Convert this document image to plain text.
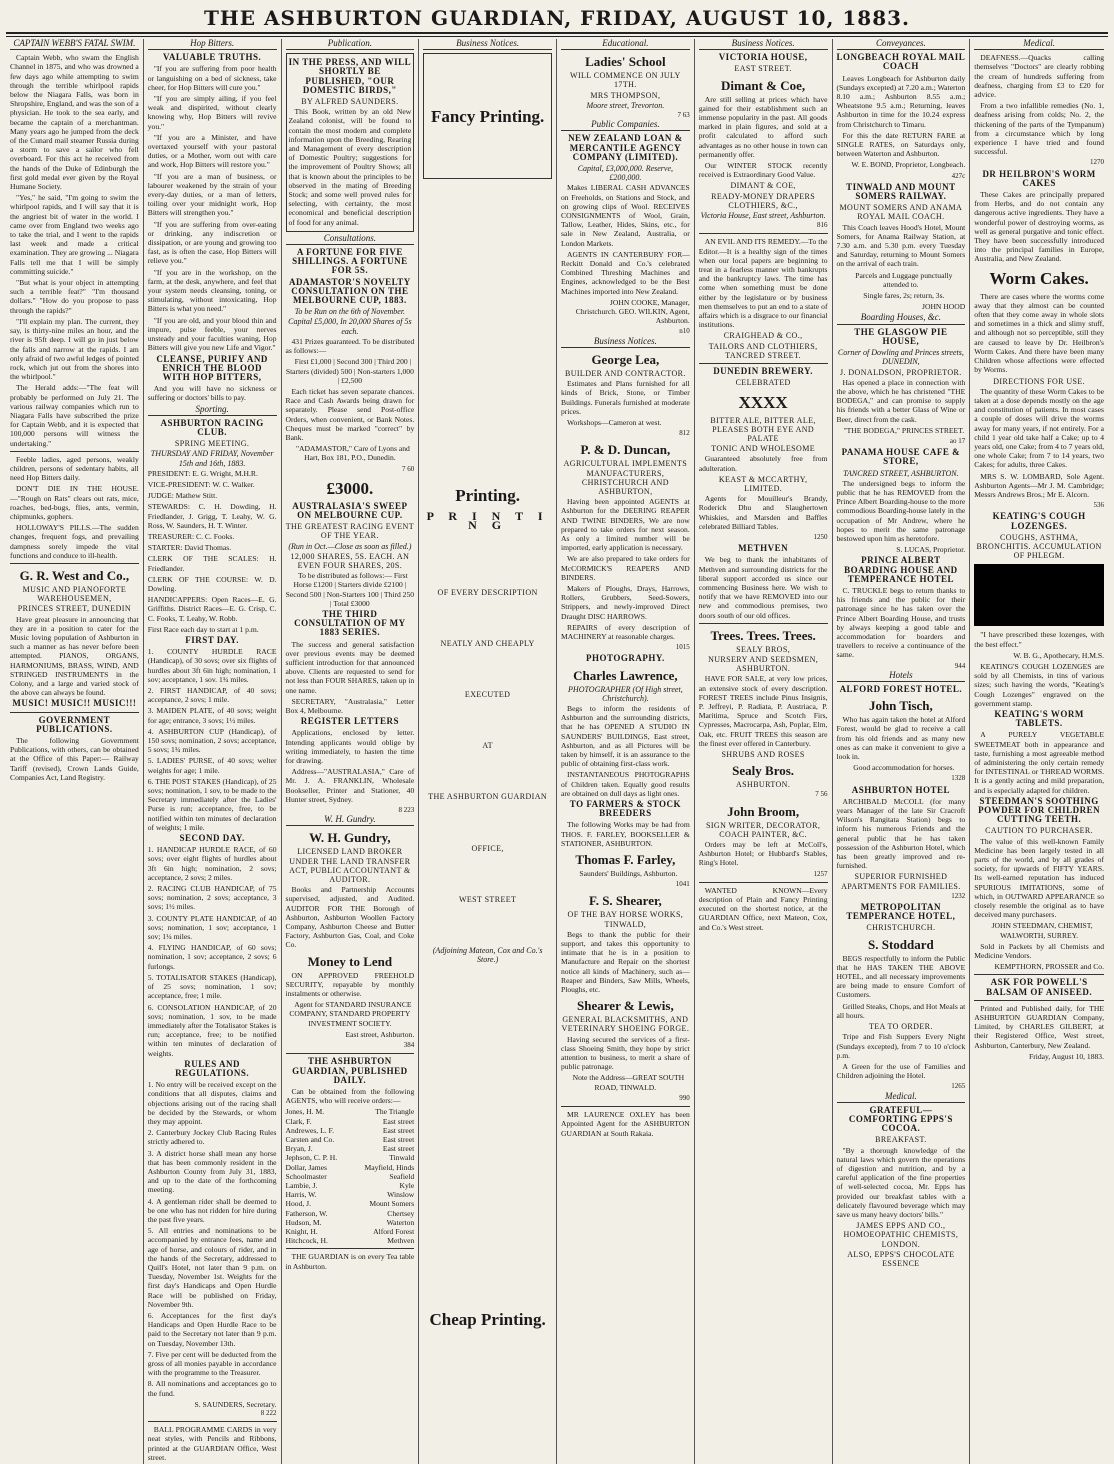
THE ASHBURTON GUARDIAN, FRIDAY, AUGUST 10, 1883.
CAPTAIN WEBB'S FATAL SWIM.

Captain Webb, who swam the English Channel in 1875, and who was drowned a few days ago while attempting to swim through the terrible whirlpool rapids below the Niagara Falls, was born in Shropshire, England, and was the son of a physician. He took to the sea early, and became the captain of a merchantman. Many years ago he jumped from the deck of the Cunard mail steamer Russia during a storm to save a sailor who fell overboard. For this act he received from the hands of the Duke of Edinburgh the first gold medal ever given by the Royal Humane Society.

"Yes," he said, "I'm going to swim the whirlpool rapids, and I will say that it is the angriest bit of water in the world. I came over from England two weeks ago to take the trial, and I went to the rapids last week and made a critical examination. They are growing ... Niagara Falls tell me that I will be simply committing suicide."

"But what is your object in attempting such a terrible feat?" "I'm thousand dollars." "How do you propose to pass through the rapids?"

"I'll explain my plan. The current, they say, is thirty-nine miles an hour, and the river is 95ft deep. I will go in just below the falls and narrow at the rapids. I am only afraid of two awful ledges of pointed rock, which jut out from the shores into the whirlpool."

The Herald adds:—"The feat will probably be performed on July 21. The various railway companies which run to Niagara Falls have subscribed the prize for Captain Webb, and it is expected that 100,000 persons will witness the undertaking."

Feeble ladies, aged persons, weakly children, persons of sedentary habits, all need Hop Bitters daily.

DON'T DIE IN THE HOUSE.—"Rough on Rats" clears out rats, mice, roaches, bed-bugs, flies, ants, vermin, chipmunks, gophers.

HOLLOWAY'S PILLS.—The sudden changes, frequent fogs, and prevailing dampness sorely impede the vital functions and conduce to ill-health.

G. R. West and Co.,
MUSIC AND PIANOFORTE WAREHOUSEMEN,
PRINCES STREET, DUNEDIN

Have great pleasure in announcing that they are in a position to cater for the Music loving population of Ashburton in such a manner as has never before been attempted. PIANOS, ORGANS, HARMONIUMS, BRASS, WIND, AND STRINGED INSTRUMENTS in the Colony, and a large and varied stock of the above can always be found.

MUSIC! MUSIC!! MUSIC!!!
GOVERNMENT PUBLICATIONS.

The following Government Publications, with others, can be obtained at the Office of this Paper:— Railway Tariff (revised), Crown Lands Guide, Companies Act, Land Registry.

Hop Bitters.
VALUABLE TRUTHS.

"If you are suffering from poor health or languishing on a bed of sickness, take cheer, for Hop Bitters will cure you."

"If you are simply ailing, if you feel weak and dispirited, without clearly knowing why, Hop Bitters will revive you."

"If you are a Minister, and have overtaxed yourself with your pastoral duties, or a Mother, worn out with care and work, Hop Bitters will restore you."

"If you are a man of business, or labourer weakened by the strain of your every-day duties, or a man of letters, toiling over your midnight work, Hop Bitters will strengthen you."

"If you are suffering from over-eating or drinking, any indiscretion or dissipation, or are young and growing too fast, as is often the case, Hop Bitters will relieve you."

"If you are in the workshop, on the farm, at the desk, anywhere, and feel that your system needs cleansing, toning, or stimulating, without intoxicating, Hop Bitters is what you need."

"If you are old, and your blood thin and impure, pulse feeble, your nerves unsteady and your faculties waning, Hop Bitters will give you new Life and Vigor."

CLEANSE, PURIFY AND ENRICH THE BLOOD WITH HOP BITTERS,

And you will have no sickness or suffering or doctors' bills to pay.

Sporting.
ASHBURTON RACING CLUB.
SPRING MEETING.
THURSDAY AND FRIDAY, November 15th and 16th, 1883.

PRESIDENT: E. G. Wright, M.H.R.

VICE-PRESIDENT: W. C. Walker.

JUDGE: Mathew Stitt.

STEWARDS: C. H. Dowding, H. Friedlander, J. Grigg, T. Leahy, W. G. Ross, W. Saunders, H. T. Winter.

TREASURER: C. C. Fooks.

STARTER: David Thomas.

CLERK OF THE SCALES: H. Friedlander.

CLERK OF THE COURSE: W. D. Dowling.

HANDICAPPERS: Open Races—E. G. Griffiths. District Races—E. G. Crisp, C. C. Fooks, T. Leahy, W. Robb.

First Race each day to start at 1 p.m.

FIRST DAY.

1. COUNTY HURDLE RACE (Handicap), of 30 sovs; over six flights of hurdles about 3ft 6in high; nomination, 1 sov; acceptance, 1 sov. 1¾ miles.

2. FIRST HANDICAP, of 40 sovs; acceptance, 2 sovs; 1 mile.

3. MAIDEN PLATE, of 40 sovs; weight for age; entrance, 3 sovs; 1½ miles.

4. ASHBURTON CUP (Handicap), of 150 sovs; nomination, 2 sovs; acceptance, 5 sovs; 1¾ miles.

5. LADIES' PURSE, of 40 sovs; welter weights for age; 1 mile.

6. THE POST STAKES (Handicap), of 25 sovs; nomination, 1 sov, to be made to the Secretary immediately after the Ladies' Purse is run; acceptance, free, to be notified within ten minutes of declaration of weights; 1 mile.

SECOND DAY.

1. HANDICAP HURDLE RACE, of 60 sovs; over eight flights of hurdles about 3ft 6in high; nomination, 2 sovs; acceptance, 2 sovs; 2 miles.

2. RACING CLUB HANDICAP, of 75 sovs; nomination, 2 sovs; acceptance, 3 sovs; 1½ miles.

3. COUNTY PLATE HANDICAP, of 40 sovs; nomination, 1 sov; acceptance, 1 sov; 1¼ miles.

4. FLYING HANDICAP, of 60 sovs; nomination, 1 sov; acceptance, 2 sovs; 6 furlongs.

5. TOTALISATOR STAKES (Handicap), of 25 sovs; nomination, 1 sov; acceptance, free; 1 mile.

6. CONSOLATION HANDICAP, of 20 sovs; nomination, 1 sov, to be made immediately after the Totalisator Stakes is run; acceptance, free; to be notified within ten minutes of declaration of weights.

RULES AND REGULATIONS.

1. No entry will be received except on the conditions that all disputes, claims and objections arising out of the racing shall be decided by the Stewards, or whom they may appoint.

2. Canterbury Jockey Club Racing Rules strictly adhered to.

3. A district horse shall mean any horse that has been commonly resident in the Ashburton County from July 31, 1883, and up to the date of the forthcoming meeting.

4. A gentleman rider shall be deemed to be one who has not ridden for hire during the past five years.

5. All entries and nominations to be accompanied by entrance fees, name and age of horse, and colours of rider, and in the hands of the Secretary, addressed to Quill's Hotel, not later than 9 p.m. on Tuesday, November 1st. Weights for the first day's Handicaps and Open Hurdle Race will be published on Friday, November 9th.

6. Acceptances for the first day's Handicaps and Open Hurdle Race to be paid to the Secretary not later than 9 p.m. on Tuesday, November 13th.

7. Five per cent will be deducted from the gross of all monies payable in accordance with the programme to the Treasurer.

8. All nominations and acceptances go to the fund.

S. SAUNDERS, Secretary.
8 222

BALL PROGRAMME CARDS in very neat styles, with Pencils and Ribbons, printed at the GUARDIAN Office, West street.

Publication.
IN THE PRESS, AND WILL SHORTLY BE PUBLISHED, "OUR DOMESTIC BIRDS,"
BY ALFRED SAUNDERS.

This Book, written by an old New Zealand colonist, will be found to contain the most modern and complete information upon the Breeding, Rearing and Management of every description of Domestic Poultry; suggestions for the improvement of Poultry Shows; all that is known about the principles to be observed in the mating of Breeding Stock; and some well proved rules for selecting, with certainty, the most economical and beneficial description of food for any animal.

Consultations.
A FORTUNE FOR FIVE SHILLINGS. A FORTUNE FOR 5S.
ADAMASTOR'S NOVELTY CONSULTATION ON THE MELBOURNE CUP, 1883.
To be Run on the 6th of November.
Capital £5,000, In 20,000 Shares of 5s each.

431 Prizes guaranteed. To be distributed as follows:—

First £1,000 | Second 300 | Third 200 | Starters (divided) 500 | Non-starters 1,000 | £2,500

Each ticket has seven separate chances. Race and Cash Awards being drawn for separately. Please send Post-office Orders, when convenient, or Bank Notes. Cheques must be marked "correct" by Bank.

"ADAMASTOR," Care of Lyons and Hart, Box 181, P.O., Dunedin.

7 60
£3000.
AUSTRALASIA'S SWEEP ON MELBOURNE CUP.
THE GREATEST RACING EVENT OF THE YEAR.
(Run in Oct.—Close as soon as filled.)
12,000 SHARES, 5S. EACH. AN EVEN FOUR SHARES, 20S.

To be distributed as follows:— First Horse £1200 | Starters divide £2100 | Second 500 | Non-Starters 100 | Third 250 | Total £3000

THE THIRD CONSULTATION OF MY 1883 SERIES.

The success and general satisfaction over previous events may be deemed sufficient introduction for that announced above. Clients are requested to send for not less than FOUR SHARES, taken up in one name.

SECRETARY, "Australasia," Letter Box 4, Melbourne.

REGISTER LETTERS

Applications, enclosed by letter. Intending applicants would oblige by writing immediately, to hasten the time for drawing.

Address—"AUSTRALASIA," Care of Mr. J. A. FRANKLIN, Wholesale Bookseller, Printer and Stationer, 40 Hunter street, Sydney.

8 223
W. H. Gundry.
W. H. Gundry,
LICENSED LAND BROKER UNDER THE LAND TRANSFER ACT, PUBLIC ACCOUNTANT & AUDITOR.

Books and Partnership Accounts supervised, adjusted, and Audited. AUDITOR FOR THE Borough of Ashburton, Ashburton Woollen Factory Company, Ashburton Cheese and Butter Factory, Ashburton Gas, Coal, and Coke Co.

Money to Lend

ON APPROVED FREEHOLD SECURITY, repayable by monthly instalments or otherwise.

Agent for STANDARD INSURANCE COMPANY, STANDARD PROPERTY INVESTMENT SOCIETY.

East street, Ashburton.

384
THE ASHBURTON GUARDIAN, PUBLISHED DAILY.

Can be obtained from the following AGENTS, who will receive orders:—

Jones, H. M.	The Triangle
Clark, F.	East street
Andrewes, L. F.	East street
Carsten and Co.	East street
Bryan, J.	East street
Jephson, C. P. H.	Tinwald
Dollar, James	Mayfield, Hinds
Schoolmaster	Seafield
Lambie, J.	Kyle
Harris, W.	Winslow
Hood, J.	Mount Somers
Fatherson, W.	Chertsey
Hudson, M.	Waterton
Knight, H.	Alford Forest
Hitchcock, H.	Methven

THE GUARDIAN is on every Tea table in Ashburton.

Business Notices.
Fancy Printing.
Printing.
P R I N T I N G
OF EVERY DESCRIPTION
NEATLY AND CHEAPLY
EXECUTED
AT
THE ASHBURTON GUARDIAN
OFFICE,
WEST STREET
(Adjoining Mateon, Cox and Co.'s Store.)
Cheap Printing.
Educational.
Ladies' School
WILL COMMENCE ON JULY 17TH.
MRS THOMPSON,
Moore street, Trevorton.
7 63
Public Companies.
NEW ZEALAND LOAN & MERCANTILE AGENCY COMPANY (LIMITED).
Capital, £3,000,000. Reserve, £200,000.

Makes LIBERAL CASH ADVANCES on Freeholds, on Stations and Stock, and on growing clips of Wool. RECEIVES CONSIGNMENTS of Wool, Grain, Tallow, Leather, Hides, Skins, etc., for sale in New Zealand, Australia, or London Markets.

AGENTS IN CANTERBURY FOR—Reckitt Donald and Co.'s celebrated Combined Threshing Machines and Engines, acknowledged to be the Best Machines imported into New Zealand.

JOHN COOKE, Manager, Christchurch. GEO. WILKIN, Agent, Ashburton.

n10
Business Notices.
George Lea,
BUILDER AND CONTRACTOR.

Estimates and Plans furnished for all kinds of Brick, Stone, or Timber Buildings. Funerals furnished at moderate prices.

Workshops—Cameron at west.

812
P. & D. Duncan,
AGRICULTURAL IMPLEMENTS MANUFACTURERS, CHRISTCHURCH AND ASHBURTON,

Having been appointed AGENTS at Ashburton for the DEERING REAPER AND TWINE BINDERS, We are now prepared to take orders for next season. As only a limited number will be imported, early application is necessary.

We are also prepared to take orders for McCORMICK'S REAPERS AND BINDERS.

Makers of Ploughs, Drays, Harrows, Rollers, Grubbers, Seed-Sowers, Strippers, and newly-improved Direct Draught DISC HARROWS.

REPAIRS of every description of MACHINERY at reasonable charges.

1015
PHOTOGRAPHY.
Charles Lawrence,
PHOTOGRAPHER (Of High street, Christchurch).

Begs to inform the residents of Ashburton and the surrounding districts, that he has OPENED A STUDIO IN SAUNDERS' BUILDINGS, East street, Ashburton, and as all Pictures will be taken by himself, it is an assurance to the public of obtaining first-class work.

INSTANTANEOUS PHOTOGRAPHS of Children taken. Equally good results are obtained on dull days as light ones.

TO FARMERS & STOCK BREEDERS

The following Works may be had from THOS. F. FARLEY, BOOKSELLER & STATIONER, ASHBURTON.

Thomas F. Farley,

Saunders' Buildings, Ashburton.

1041
F. S. Shearer,
OF THE BAY HORSE WORKS, TINWALD,

Begs to thank the public for their support, and takes this opportunity to intimate that he is in a position to Manufacture and Repair on the shortest notice all kinds of Machinery, such as—Reaper and Binders, Saw Mills, Wheels, Ploughs, etc.

Shearer & Lewis,
GENERAL BLACKSMITHS, AND VETERINARY SHOEING FORGE.

Having secured the services of a first-class Shoeing Smith, they hope by strict attention to business, to merit a share of public patronage.

Note the Address—GREAT SOUTH ROAD, TINWALD.

990

MR LAURENCE OXLEY has been Appointed Agent for the ASHBURTON GUARDIAN at South Rakaia.

Business Notices.
VICTORIA HOUSE,
EAST STREET.
Dimant & Coe,

Are still selling at prices which have gained for their establishment such an immense popularity in the past. All goods marked in plain figures, and sold at a profit calculated to afford such advantages as no other house in town can permanently offer.

Our WINTER STOCK recently received is Extraordinary Good Value.

DIMANT & COE,
READY-MONEY DRAPERS CLOTHIERS, &C.,
Victoria House, East street, Ashburton.
816

AN EVIL AND ITS REMEDY.—To the Editor.—It is a healthy sign of the times when our local papers are beginning to treat in a fearless manner with bankrupts and the bankruptcy laws. The time has come when something must be done either by the legislature or by business men themselves to put an end to a state of affairs which is a disgrace to our financial institutions.

CRAIGHEAD & CO.,
TAILORS AND CLOTHIERS, TANCRED STREET.
DUNEDIN BREWERY.
CELEBRATED
XXXX
BITTER ALE, BITTER ALE, PLEASES BOTH EYE AND PALATE
TONIC AND WHOLESOME

Guaranteed absolutely free from adulteration.

KEAST & MCCARTHY, LIMITED.

Agents for Mouilleur's Brandy, Roderick Dhu and Slaughertown Whiskies, and Marsden and Baffles celebrated Billiard Tables.

1250
METHVEN

We beg to thank the inhabitants of Methven and surrounding districts for the liberal support accorded us since our commencing Business here. We wish to notify that we have REMOVED into our new and commodious premises, two doors south of our old offices.

Trees. Trees. Trees.
SEALY BROS,
NURSERY AND SEEDSMEN, ASHBURTON.

HAVE FOR SALE, at very low prices, an extensive stock of every description. FOREST TREES include Pinus Insignis, P. Jeffreyi, P. Radiata, P. Austriaca, P. Maritima, Spruce and Scotch Firs, Cypresses, Macrocarpa, Ash, Poplar, Elm, Oak, etc. FRUIT TREES this season are the finest ever offered in Canterbury.

SHRUBS AND ROSES
Sealy Bros.
ASHBURTON.
7 56
John Broom,
SIGN WRITER, DECORATOR, COACH PAINTER, &C.

Orders may be left at McColl's, Ashburton Hotel; or Hubbard's Stables, Ring's Hotel.

1257

WANTED KNOWN—Every description of Plain and Fancy Printing executed on the shortest notice, at the GUARDIAN Office, next Mateon, Cox, and Co.'s West street.

Conveyances.
LONGBEACH ROYAL MAIL COACH

Leaves Longbeach for Ashburton daily (Sundays excepted) at 7.20 a.m.; Waterton 8.10 a.m.; Ashburton 8.55 a.m.; Wheatstone 9.5 a.m.; Returning, leaves Ashburton in time for the 10.24 express from Christchurch to Timaru.

For this the date RETURN FARE at SINGLE RATES, on Saturdays only, between Waterton and Ashburton.

W. E. BOND, Proprietor, Longbeach.

427c
TINWALD AND MOUNT SOMERS RAILWAY.
MOUNT SOMERS AND ANAMA ROYAL MAIL COACH.

This Coach leaves Hood's Hotel, Mount Somers, for Anama Railway Station, at 7.30 a.m. and 5.30 p.m. every Tuesday and Saturday, returning to Mount Somers on the arrival of each train.

Parcels and Luggage punctually attended to.

Single fares, 2s; return, 3s.

JOHN HOOD

Boarding Houses, &c.
THE GLASGOW PIE HOUSE,
Corner of Dowling and Princes streets, DUNEDIN,
J. DONALDSON, PROPRIETOR.

Has opened a place in connection with the above, which he has christened "THE BODEGA," and can promise to supply his friends with a better Glass of Wine or Beer, direct from the cask.

"THE BODEGA," PRINCES STREET.

ao 17
PANAMA HOUSE CAFE & STORE,
TANCRED STREET, ASHBURTON.

The undersigned begs to inform the public that he has REMOVED from the Prince Albert Boarding-house to the more commodious Boarding-house lately in the occupation of Mr Andrew, where he hopes to merit the same patronage bestowed upon him as heretofore.

S. LUCAS, Proprietor.

PRINCE ALBERT BOARDING HOUSE AND TEMPERANCE HOTEL

C. TRUCKLE begs to return thanks to his friends and the public for their patronage since he has taken over the Prince Albert Boarding House, and trusts by always keeping a good table and accommodation for boarders and travellers to receive a continuance of the same.

944
Hotels
ALFORD FOREST HOTEL.
John Tisch,

Who has again taken the hotel at Alford Forest, would be glad to receive a call from his old friends and as many new ones as can make it convenient to give a look in.

Good accommodation for horses.

1328
ASHBURTON HOTEL

ARCHIBALD McCOLL (for many years Manager of the late Sir Cracroft Wilson's Rangitata Station) begs to inform his numerous Friends and the general public that he has taken possession of the Ashburton Hotel, which has been greatly improved and re-furnished.

SUPERIOR FURNISHED APARTMENTS FOR FAMILIES.
1232
METROPOLITAN TEMPERANCE HOTEL,
CHRISTCHURCH.
S. Stoddard

BEGS respectfully to inform the Public that he HAS TAKEN THE ABOVE HOTEL, and all necessary improvements are being made to ensure Comfort of Customers.

Grilled Steaks, Chops, and Hot Meals at all hours.

TEA TO ORDER.

Tripe and Fish Suppers Every Night (Sundays excepted), from 7 to 10 o'clock p.m.

A Green for the use of Families and Children adjoining the Hotel.

1265
Medical.
GRATEFUL—COMFORTING EPPS'S COCOA.
BREAKFAST.

"By a thorough knowledge of the natural laws which govern the operations of digestion and nutrition, and by a careful application of the fine properties of well-selected cocoa, Mr. Epps has provided our breakfast tables with a delicately flavoured beverage which may save us many heavy doctors' bills."

JAMES EPPS AND CO., HOMOEOPATHIC CHEMISTS, LONDON.
ALSO, EPPS'S CHOCOLATE ESSENCE
Medical.

DEAFNESS.—Quacks calling themselves "Doctors" are clearly robbing the cream of hundreds suffering from deafness, charging from £3 to £20 for advice.

From a two infallible remedies (No. 1, deafness arising from colds; No. 2, the thickening of the parts of the Tympanum) from a circumstance which by long experience I have tried and found successful.

1270
DR HEILBRON'S WORM CAKES

These Cakes are principally prepared from Herbs, and do not contain any dangerous active ingredients. They have a wonderful power of destroying worms, as well as general purgative and tonic effect. They have been successfully introduced into the principal families in Europe, Australia, and New Zealand.

Worm Cakes.

There are cases where the worms come away that they almost can be counted often that they come away in whole slots and sometimes in a thick and slimy stuff, and although not so perceptible, still they are caused to leave by Dr. Heilbron's Worm Cakes. And there have been many Children whose affections were effected by Worms.

DIRECTIONS FOR USE.

The quantity of these Worm Cakes to be taken at a dose depends mostly on the age and constitution of patients. In most cases a couple of doses will drive the worms away for many years, if not entirely. For a child 1 year old take half a Cake; up to 4 years old, one Cake; from 4 to 7 years old, one whole Cake; from 7 to 14 years, two Cakes; for adults, three Cakes.

MRS S. W. LOMBARD, Sole Agent. Ashburton Agents—Mr J. M. Cambridge; Messrs Andrews Bros.; Mr E. Alcorn.

536
KEATING'S COUGH LOZENGES.
COUGHS, ASTHMA, BRONCHITIS. ACCUMULATION OF PHLEGM.

"I have prescribed these lozenges, with the best effect."

W. B. G., Apothecary, H.M.S.

KEATING'S COUGH LOZENGES are sold by all Chemists, in tins of various sizes; such having the words, "Keating's Cough Lozenges" engraved on the government stamp.

KEATING'S WORM TABLETS.

A PURELY VEGETABLE SWEETMEAT both in appearance and taste, furnishing a most agreeable method of administering the only certain remedy for INTESTINAL or THREAD WORMS. It is a gently acting and mild preparation, and is especially adapted for children.

STEEDMAN'S SOOTHING POWDER FOR CHILDREN CUTTING TEETH.
CAUTION TO PURCHASER.

The value of this well-known Family Medicine has been largely tested in all parts of the world, and by all grades of society, for upwards of FIFTY YEARS. Its well-earned reputation has induced SPURIOUS IMITATIONS, some of which, in OUTWARD APPEARANCE so closely resemble the original as to have deceived many purchasers.

JOHN STEEDMAN, CHEMIST, WALWORTH, SURREY.

Sold in Packets by all Chemists and Medicine Vendors.

KEMPTHORN, PROSSER and Co.

ASK FOR POWELL'S BALSAM OF ANISEED.

Printed and Published daily, for THE ASHBURTON GUARDIAN Company, Limited, by CHARLES GILBERT, at their Registered Office, West street, Ashburton, Canterbury, New Zealand.

Friday, August 10, 1883.
